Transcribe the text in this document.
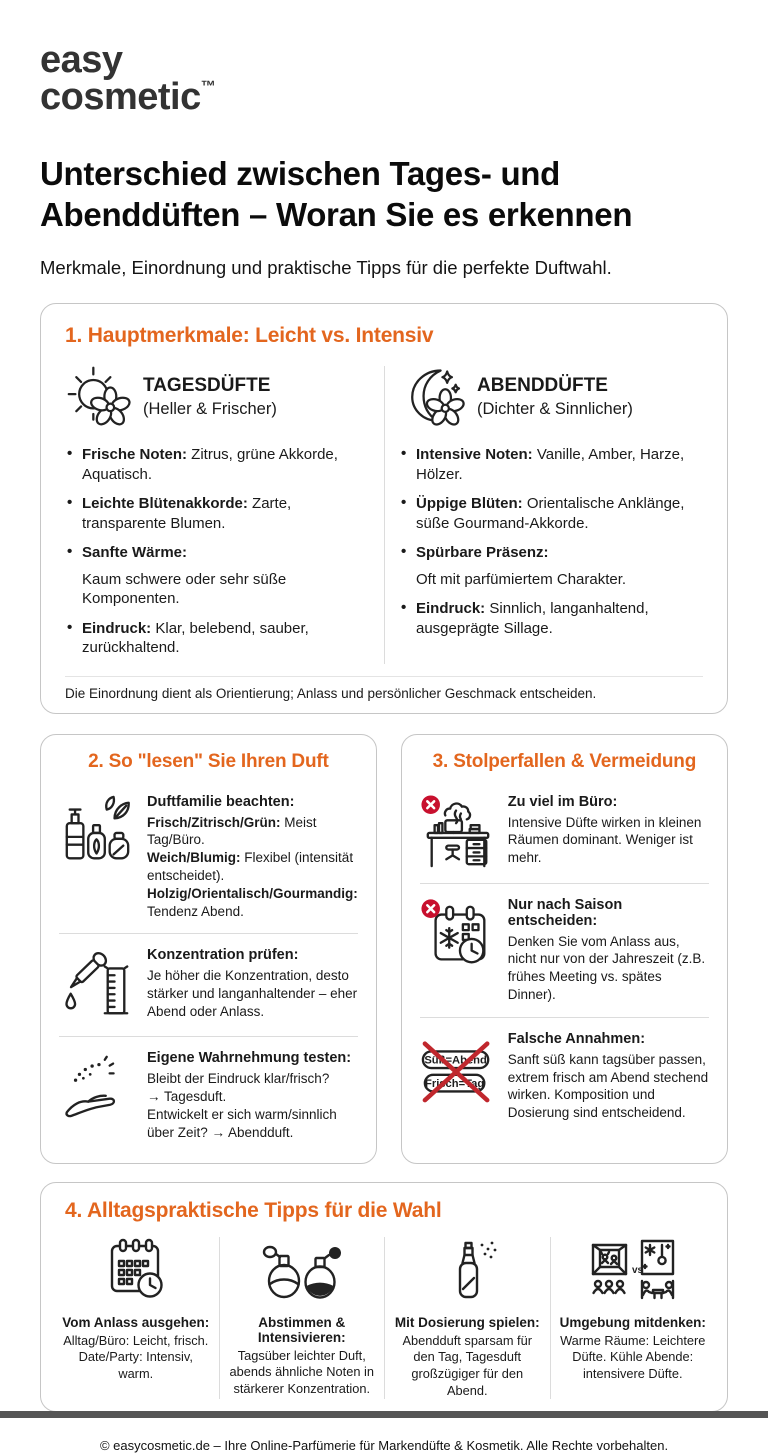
easy
cosmetic™
Unterschied zwischen Tages- und
Abenddüften – Woran Sie es erkennen
Merkmale, Einordnung und praktische Tipps für die perfekte Duftwahl.
1. Hauptmerkmale: Leicht vs. Intensiv
TAGESDÜFTE
(Heller & Frischer)
• Frische Noten: Zitrus, grüne Akkorde, Aquatisch.
• Leichte Blütenakkorde: Zarte, transparente Blumen.
• Sanfte Wärme:
Kaum schwere oder sehr süße Komponenten.
• Eindruck: Klar, belebend, sauber, zurückhaltend.
ABENDDÜFTE
(Dichter & Sinnlicher)
• Intensive Noten: Vanille, Amber, Harze, Hölzer.
• Üppige Blüten: Orientalische Anklänge, süße Gourmand-Akkorde.
• Spürbare Präsenz:
Oft mit parfümiertem Charakter.
• Eindruck: Sinnlich, langanhaltend, ausgeprägte Sillage.
Die Einordnung dient als Orientierung; Anlass und persönlicher Geschmack entscheiden.
2. So "lesen" Sie Ihren Duft
Duftfamilie beachten:
Frisch/Zitrisch/Grün: Meist Tag/Büro.
Weich/Blumig: Flexibel (intensität entscheidet).
Holzig/Orientalisch/Gourmandig: Tendenz Abend.
Konzentration prüfen:
Je höher die Konzentration, desto stärker und langanhaltender – eher Abend oder Anlass.
Eigene Wahrnehmung testen:
Bleibt der Eindruck klar/frisch?
→ Tagesduft.
Entwickelt er sich warm/sinnlich über Zeit? → Abendduft.
3. Stolperfallen & Vermeidung
Zu viel im Büro:
Intensive Düfte wirken in kleinen Räumen dominant. Weniger ist mehr.
Nur nach Saison entscheiden:
Denken Sie vom Anlass aus, nicht nur von der Jahreszeit (z.B. frühes Meeting vs. spätes Dinner).
Süß=Abend
Frisch=Tag
Falsche Annahmen:
Sanft süß kann tagsüber passen, extrem frisch am Abend stechend wirken. Komposition und Dosierung sind entscheidend.
4. Alltagspraktische Tipps für die Wahl
Vom Anlass ausgehen:
Alltag/Büro: Leicht, frisch. Date/Party: Intensiv, warm.
Abstimmen & Intensivieren:
Tagsüber leichter Duft, abends ähnliche Noten in stärkerer Konzentration.
Mit Dosierung spielen:
Abendduft sparsam für den Tag, Tagesduft großzügiger für den Abend.
vs
Umgebung mitdenken:
Warme Räume: Leichtere Düfte. Kühle Abende: intensivere Düfte.
© easycosmetic.de – Ihre Online-Parfümerie für Markendüfte & Kosmetik. Alle Rechte vorbehalten.
